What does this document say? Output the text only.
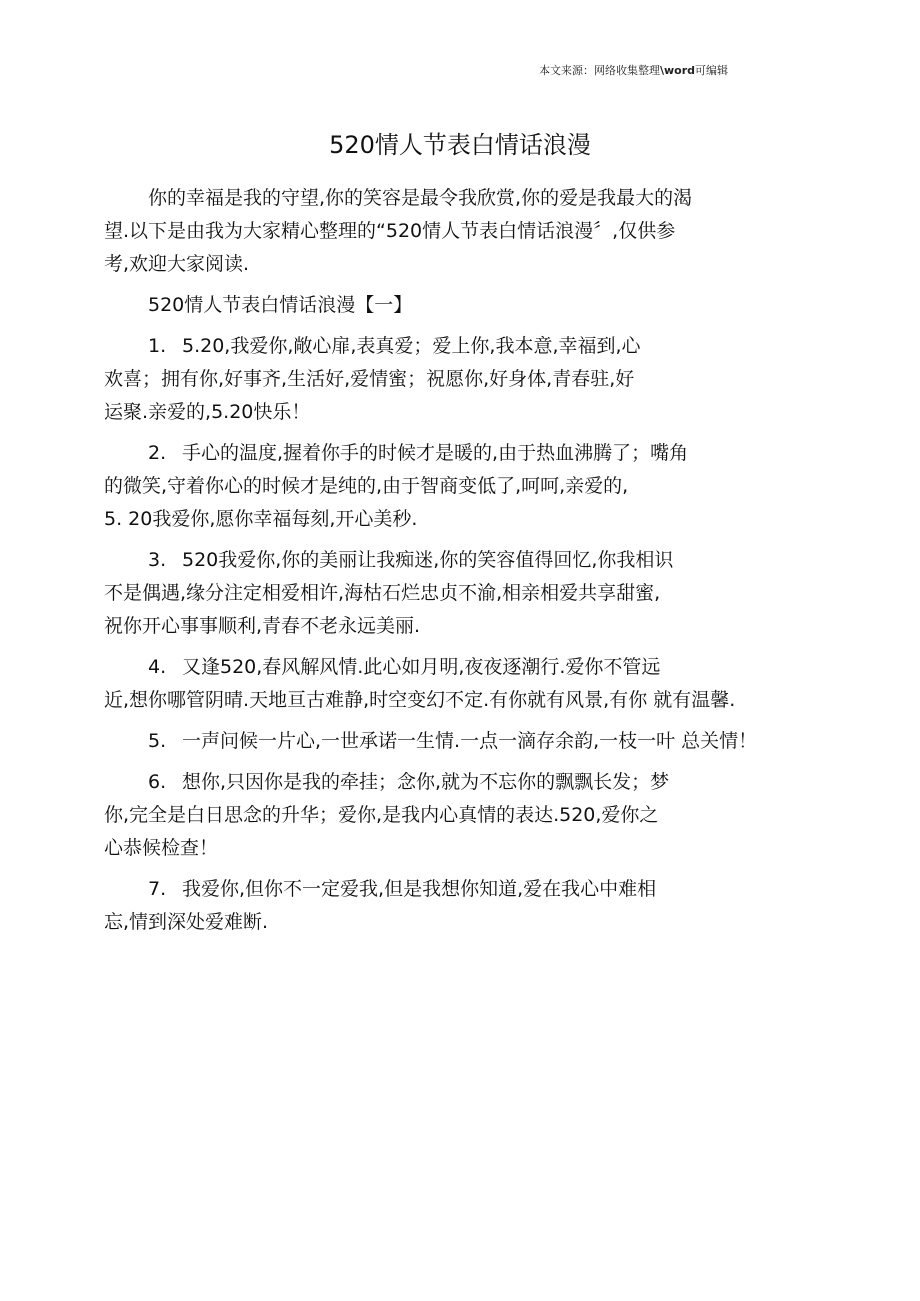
本文来源：网络收集整理\word可编辑
520情人节表白情话浪漫
你的幸福是我的守望,你的笑容是最令我欣赏,你的爱是我最大的渴
望.以下是由我为大家精心整理的“520情人节表白情话浪漫〞,仅供参
考,欢迎大家阅读.
520情人节表白情话浪漫【一】
1. 5.20,我爱你,敞心扉,表真爱；爱上你,我本意,幸福到,心
欢喜；拥有你,好事齐,生活好,爱情蜜；祝愿你,好身体,青春驻,好
运聚.亲爱的,5.20快乐！
2. 手心的温度,握着你手的时候才是暖的,由于热血沸腾了；嘴角
的微笑,守着你心的时候才是纯的,由于智商变低了,呵呵,亲爱的,
5. 20我爱你,愿你幸福每刻,开心美秒.
3. 520我爱你,你的美丽让我痴迷,你的笑容值得回忆,你我相识
不是偶遇,缘分注定相爱相许,海枯石烂忠贞不渝,相亲相爱共享甜蜜,
祝你开心事事顺利,青春不老永远美丽.
4. 又逢520,春风解风情.此心如月明,夜夜逐潮行.爱你不管远
近,想你哪管阴晴.天地亘古难静,时空变幻不定.有你就有风景,有你 就有温馨.
5. 一声问候一片心,一世承诺一生情.一点一滴存余韵,一枝一叶 总关情！
6. 想你,只因你是我的牵挂；念你,就为不忘你的飘飘长发；梦
你,完全是白日思念的升华；爱你,是我内心真情的表达.520,爱你之
心恭候检查！
7. 我爱你,但你不一定爱我,但是我想你知道,爱在我心中难相
忘,情到深处爱难断.
